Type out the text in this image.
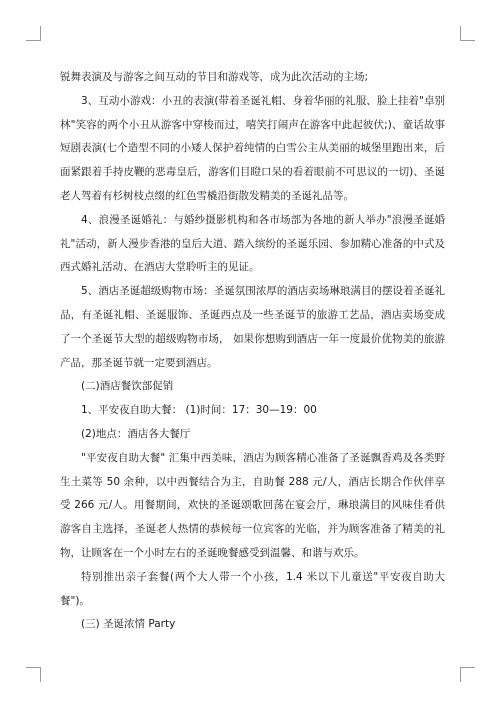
锐舞表演及与游客之间互动的节目和游戏等，成为此次活动的主场;

3、互动小游戏：小丑的表演(带着圣诞礼帽、身着华丽的礼服、脸上挂着"卓别林"笑容的两个小丑从游客中穿梭而过，嘻笑打闹声在游客中此起彼伏;)、童话故事短剧表演(七个造型不同的小矮人保护着纯情的白雪公主从美丽的城堡里跑出来，后面紧跟着手持皮鞭的恶毒皇后，游客们目瞪口呆的看着眼前不可思议的一切)、圣诞老人驾着有杉树枝点缀的红色雪橇沿街散发精美的圣诞礼品等。

4、浪漫圣诞婚礼：与婚纱摄影机构和各市场部为各地的新人举办"浪漫圣诞婚礼"活动，新人漫步香港的皇后大道、踏入缤纷的圣诞乐园、参加精心准备的中式及西式婚礼活动、在酒店大堂聆听主的见证。

5、酒店圣诞超级购物市场：圣诞氛围浓厚的酒店卖场琳琅满目的摆设着圣诞礼品，有圣诞礼帽、圣诞服饰、圣诞西点及一些圣诞节的旅游工艺品，酒店卖场变成了一个圣诞节大型的超级购物市场， 如果你想购到酒店一年一度最价优物美的旅游产品，那圣诞节就一定要到酒店。

(二)酒店餐饮部促销

1、平安夜自助大餐： (1)时间：17：30—19：00

(2)地点：酒店各大餐厅

"平安夜自助大餐" 汇集中西美味，酒店为顾客精心准备了圣诞飘香鸡及各类野生土菜等 50 余种，以中西餐结合为主，自助餐 288 元/人，酒店长期合作伙伴享受 266 元/人。用餐期间，欢快的圣诞颂歌回荡在宴会厅，琳琅满目的风味佳肴供游客自主选择，圣诞老人热情的恭候每一位宾客的光临，并为顾客准备了精美的礼物，让顾客在一个小时左右的圣诞晚餐感受到温馨、和谐与欢乐。

特别推出亲子套餐(两个大人带一个小孩，1.4 米以下儿童送"平安夜自助大餐")。

(三) 圣诞浓情 Party
